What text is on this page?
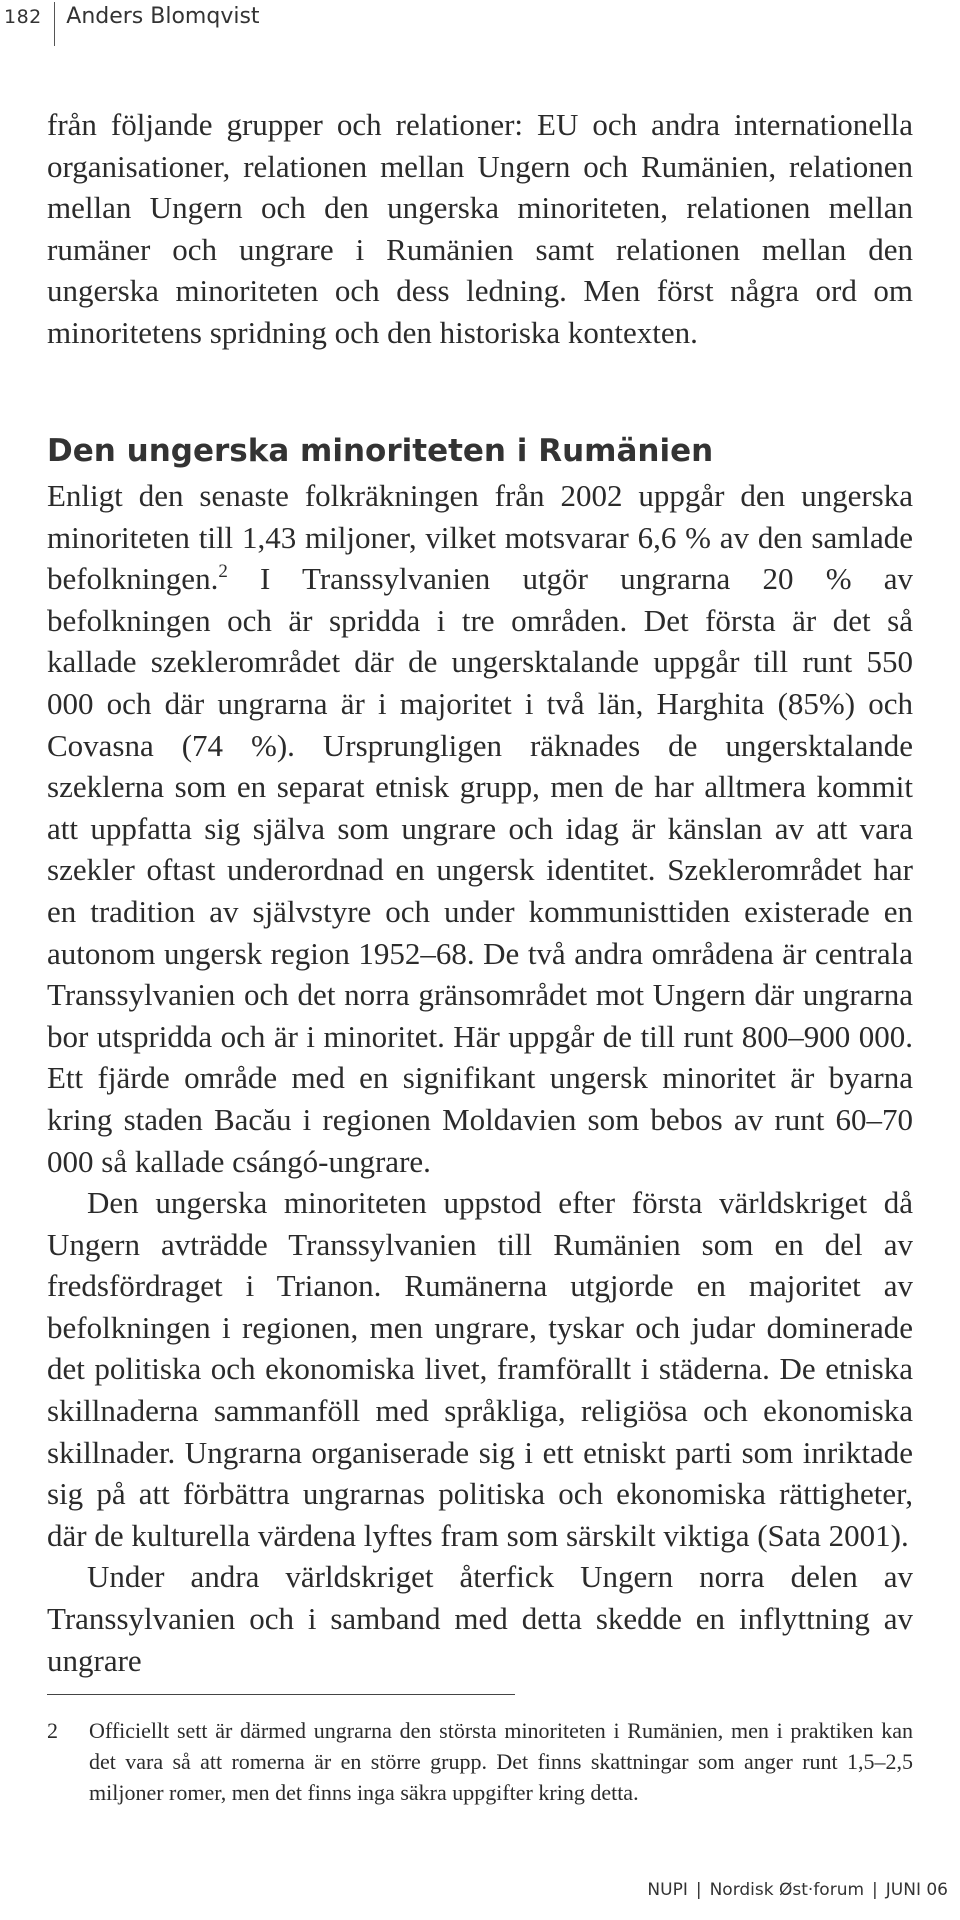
182	Anders Blomqvist

från följande grupper och relationer: EU och andra internationella organisationer, relationen mellan Ungern och Rumänien, relationen mellan Ungern och den ungerska minoriteten, relationen mellan rumäner och ungrare i Rumänien samt relationen mellan den ungerska minoriteten och dess ledning. Men först några ord om minoritetens spridning och den historiska kontexten.

Den ungerska minoriteten i Rumänien

Enligt den senaste folkräkningen från 2002 uppgår den ungerska minoriteten till 1,43 miljoner, vilket motsvarar 6,6 % av den samlade befolkningen.$^2$ I Transsylvanien utgör ungrarna 20 % av befolkningen och är spridda i tre områden. Det första är det så kallade szeklerområdet där de ungersktalande uppgår till runt 550 000 och där ungrarna är i majoritet i två län, Harghita (85%) och Covasna (74 %). Ursprungligen räknades de ungersktalande szeklerna som en separat etnisk grupp, men de har alltmera kommit att uppfatta sig själva som ungrare och idag är känslan av att vara szekler oftast underordnad en ungersk identitet. Szeklerområdet har en tradition av självstyre och under kommunisttiden existerade en autonom ungersk region 1952–68. De två andra områdena är centrala Transsylvanien och det norra gränsområdet mot Ungern där ungrarna bor utspridda och är i minoritet. Här uppgår de till runt 800–900 000. Ett fjärde område med en signifikant ungersk minoritet är byarna kring staden Bacău i regionen Moldavien som bebos av runt 60–70 000 så kallade csángó-ungrare.

Den ungerska minoriteten uppstod efter första världskriget då Ungern avträdde Transsylvanien till Rumänien som en del av fredsfördraget i Trianon. Rumänerna utgjorde en majoritet av befolkningen i regionen, men ungrare, tyskar och judar dominerade det politiska och ekonomiska livet, framförallt i städerna. De etniska skillnaderna sammanföll med språkliga, religiösa och ekonomiska skillnader. Ungrarna organiserade sig i ett etniskt parti som inriktade sig på att förbättra ungrarnas politiska och ekonomiska rättigheter, där de kulturella värdena lyftes fram som särskilt viktiga (Sata 2001).

Under andra världskriget återfick Ungern norra delen av Transsylvanien och i samband med detta skedde en inflyttning av ungrare

2	Officiellt sett är därmed ungrarna den största minoriteten i Rumänien, men i praktiken kan det vara så att romerna är en större grupp. Det finns skattningar som anger runt 1,5–2,5 miljoner romer, men det finns inga säkra uppgifter kring detta.
NUPI | Nordisk Øst·forum | JUNI 06
